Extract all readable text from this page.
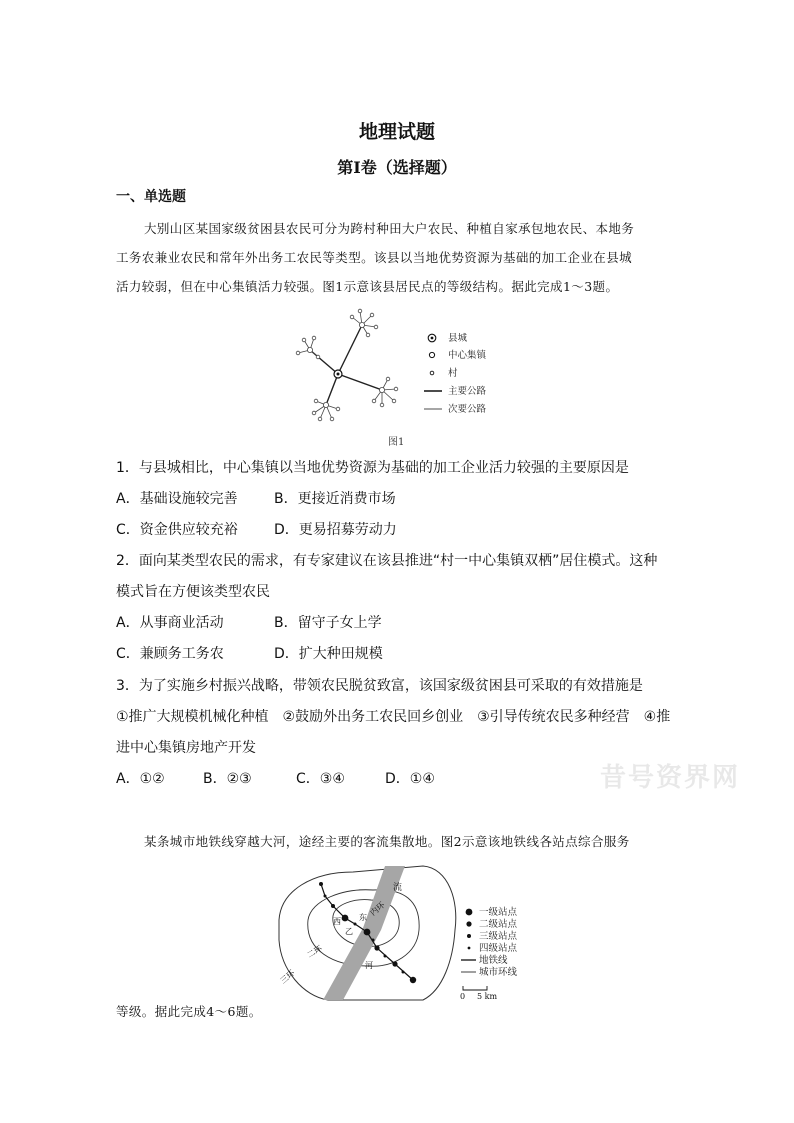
地理试题
第I卷（选择题）
一、单选题
大别山区某国家级贫困县农民可分为跨村种田大户农民、种植自家承包地农民、本地务
工务农兼业农民和常年外出务工农民等类型。该县以当地优势资源为基础的加工企业在县城
活力较弱，但在中心集镇活力较强。图1示意该县居民点的等级结构。据此完成1～3题。
县城
中心集镇
村
主要公路
次要公路
图1
1．与县城相比，中心集镇以当地优势资源为基础的加工企业活力较强的主要原因是
A．基础设施较完善	B．更接近消费市场
C．资金供应较充裕	D．更易招募劳动力
2．面向某类型农民的需求，有专家建议在该县推进“村一中心集镇双栖”居住模式。这种
模式旨在方便该类型农民
A．从事商业活动	B．留守子女上学
C．兼顾务工务农	D．扩大种田规模
3．为了实施乡村振兴战略，带领农民脱贫致富，该国家级贫困县可采取的有效措施是
①推广大规模机械化种植　②鼓励外出务工农民回乡创业　③引导传统农民多种经营　④推
进中心集镇房地产开发
A．①②	B．②③	C．③④	D．①④	昔号资界网
某条城市地铁线穿越大河，途经主要的客流集散地。图2示意该地铁线各站点综合服务
流
河
西 东
乙
内环
二环
三环
一级站点
二级站点
三级站点
四级站点
地铁线
城市环线
0 5 km
等级。据此完成4～6题。
